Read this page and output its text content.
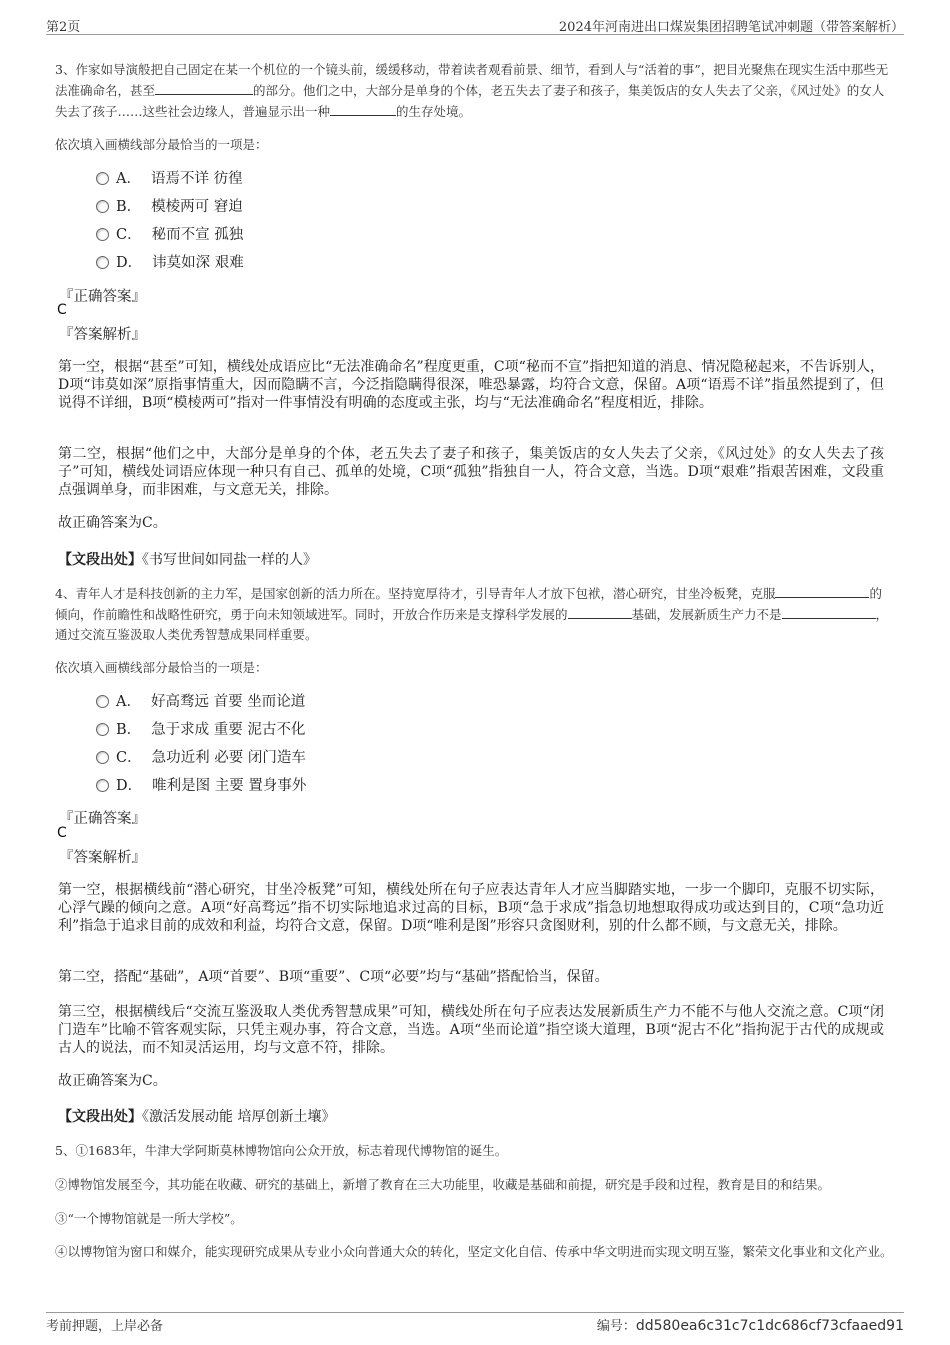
第2页	2024年河南进出口煤炭集团招聘笔试冲刺题（带答案解析）
3、作家如导演般把自己固定在某一个机位的一个镜头前，缓缓移动，带着读者观看前景、细节，看到人与“活着的事”，把目光聚焦在现实生活中那些无法准确命名，甚至	的部分。他们之中，大部分是单身的个体，老五失去了妻子和孩子，集美饭店的女人失去了父亲，《风过处》的女人失去了孩子……这些社会边缘人，普遍显示出一种	的生存处境。
依次填入画横线部分最恰当的一项是：
A． 语焉不详 彷徨
B． 模棱两可 窘迫
C． 秘而不宣 孤独
D． 讳莫如深 艰难
『正确答案』
C
『答案解析』
第一空，根据“甚至”可知，横线处成语应比“无法准确命名”程度更重，C项“秘而不宣”指把知道的消息、情况隐秘起来，不告诉别人，D项“讳莫如深”原指事情重大，因而隐瞒不言，今泛指隐瞒得很深，唯恐暴露，均符合文意，保留。A项“语焉不详”指虽然提到了，但说得不详细，B项“模棱两可”指对一件事情没有明确的态度或主张，均与“无法准确命名”程度相近，排除。
第二空，根据“他们之中，大部分是单身的个体，老五失去了妻子和孩子，集美饭店的女人失去了父亲，《风过处》的女人失去了孩子”可知，横线处词语应体现一种只有自己、孤单的处境，C项“孤独”指独自一人，符合文意，当选。D项“艰难”指艰苦困难，文段重点强调单身，而非困难，与文意无关，排除。
故正确答案为C。
【文段出处】《书写世间如同盐一样的人》
4、青年人才是科技创新的主力军，是国家创新的活力所在。坚持宽厚待才，引导青年人才放下包袱，潜心研究，甘坐冷板凳，克服	的倾向，作前瞻性和战略性研究，勇于向未知领域进军。同时，开放合作历来是支撑科学发展的	基础，发展新质生产力不是	，通过交流互鉴汲取人类优秀智慧成果同样重要。
依次填入画横线部分最恰当的一项是：
A． 好高骛远 首要 坐而论道
B． 急于求成 重要 泥古不化
C． 急功近利 必要 闭门造车
D． 唯利是图 主要 置身事外
『正确答案』
C
『答案解析』
第一空，根据横线前“潜心研究，甘坐冷板凳”可知，横线处所在句子应表达青年人才应当脚踏实地，一步一个脚印，克服不切实际，心浮气躁的倾向之意。A项“好高骛远”指不切实际地追求过高的目标，B项“急于求成”指急切地想取得成功或达到目的，C项“急功近利”指急于追求目前的成效和利益，均符合文意，保留。D项“唯利是图”形容只贪图财利，别的什么都不顾，与文意无关，排除。
第二空，搭配“基础”，A项“首要”、B项“重要”、C项“必要”均与“基础”搭配恰当，保留。
第三空，根据横线后“交流互鉴汲取人类优秀智慧成果”可知，横线处所在句子应表达发展新质生产力不能不与他人交流之意。C项“闭门造车”比喻不管客观实际，只凭主观办事，符合文意，当选。A项“坐而论道”指空谈大道理，B项“泥古不化”指拘泥于古代的成规或古人的说法，而不知灵活运用，均与文意不符，排除。
故正确答案为C。
【文段出处】《激活发展动能 培厚创新土壤》
5、①1683年，牛津大学阿斯莫林博物馆向公众开放，标志着现代博物馆的诞生。
②博物馆发展至今，其功能在收藏、研究的基础上，新增了教育在三大功能里，收藏是基础和前提，研究是手段和过程，教育是目的和结果。
③“一个博物馆就是一所大学校”。
④以博物馆为窗口和媒介，能实现研究成果从专业小众向普通大众的转化，坚定文化自信、传承中华文明进而实现文明互鉴，繁荣文化事业和文化产业。
考前押题，上岸必备	编号：dd580ea6c31c7c1dc686cf73cfaaed91
